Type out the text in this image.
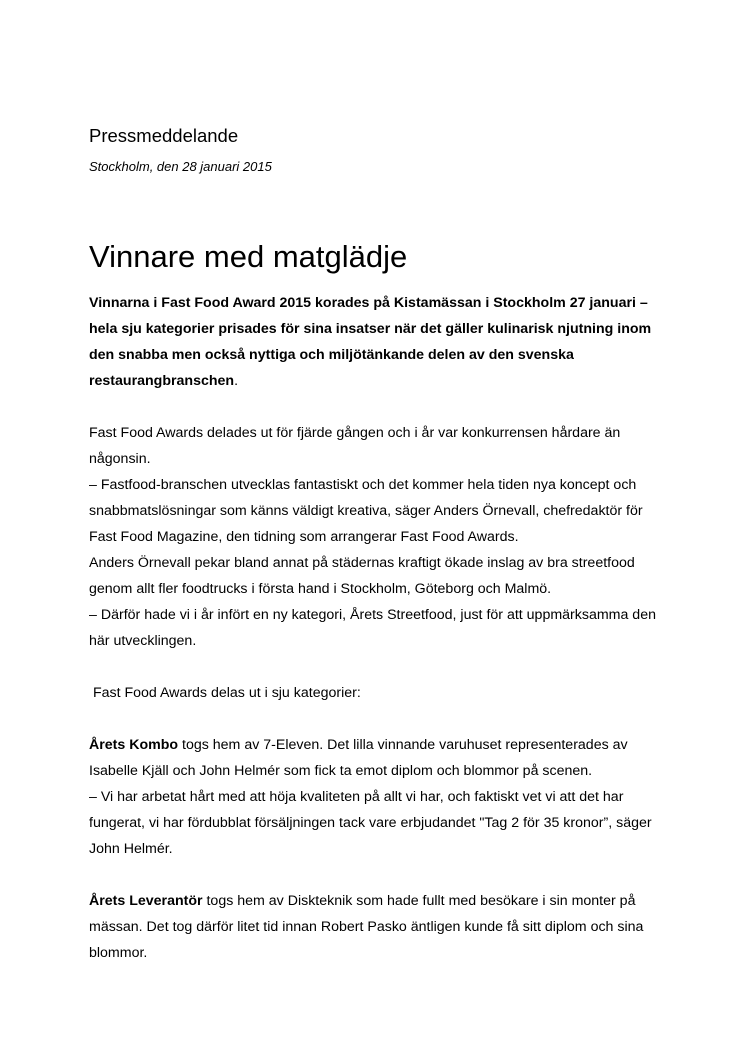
Pressmeddelande
Stockholm, den 28 januari 2015
Vinnare med matglädje

Vinnarna i Fast Food Award 2015 korades på Kistamässan i Stockholm 27 januari – hela sju kategorier prisades för sina insatser när det gäller kulinarisk njutning inom den snabba men också nyttiga och miljötänkande delen av den svenska restaurangbranschen.

Fast Food Awards delades ut för fjärde gången och i år var konkurrensen hårdare än någonsin.

– Fastfood-branschen utvecklas fantastiskt och det kommer hela tiden nya koncept och snabbmatslösningar som känns väldigt kreativa, säger Anders Örnevall, chefredaktör för Fast Food Magazine, den tidning som arrangerar Fast Food Awards.

Anders Örnevall pekar bland annat på städernas kraftigt ökade inslag av bra streetfood genom allt fler foodtrucks i första hand i Stockholm, Göteborg och Malmö.

– Därför hade vi i år infört en ny kategori, Årets Streetfood, just för att uppmärksamma den här utvecklingen.

Fast Food Awards delas ut i sju kategorier:

Årets Kombo togs hem av 7-Eleven. Det lilla vinnande varuhuset representerades av Isabelle Kjäll och John Helmér som fick ta emot diplom och blommor på scenen.

– Vi har arbetat hårt med att höja kvaliteten på allt vi har, och faktiskt vet vi att det har fungerat, vi har fördubblat försäljningen tack vare erbjudandet "Tag 2 för 35 kronor”, säger John Helmér.

Årets Leverantör togs hem av Diskteknik som hade fullt med besökare i sin monter på mässan. Det tog därför litet tid innan Robert Pasko äntligen kunde få sitt diplom och sina blommor.
